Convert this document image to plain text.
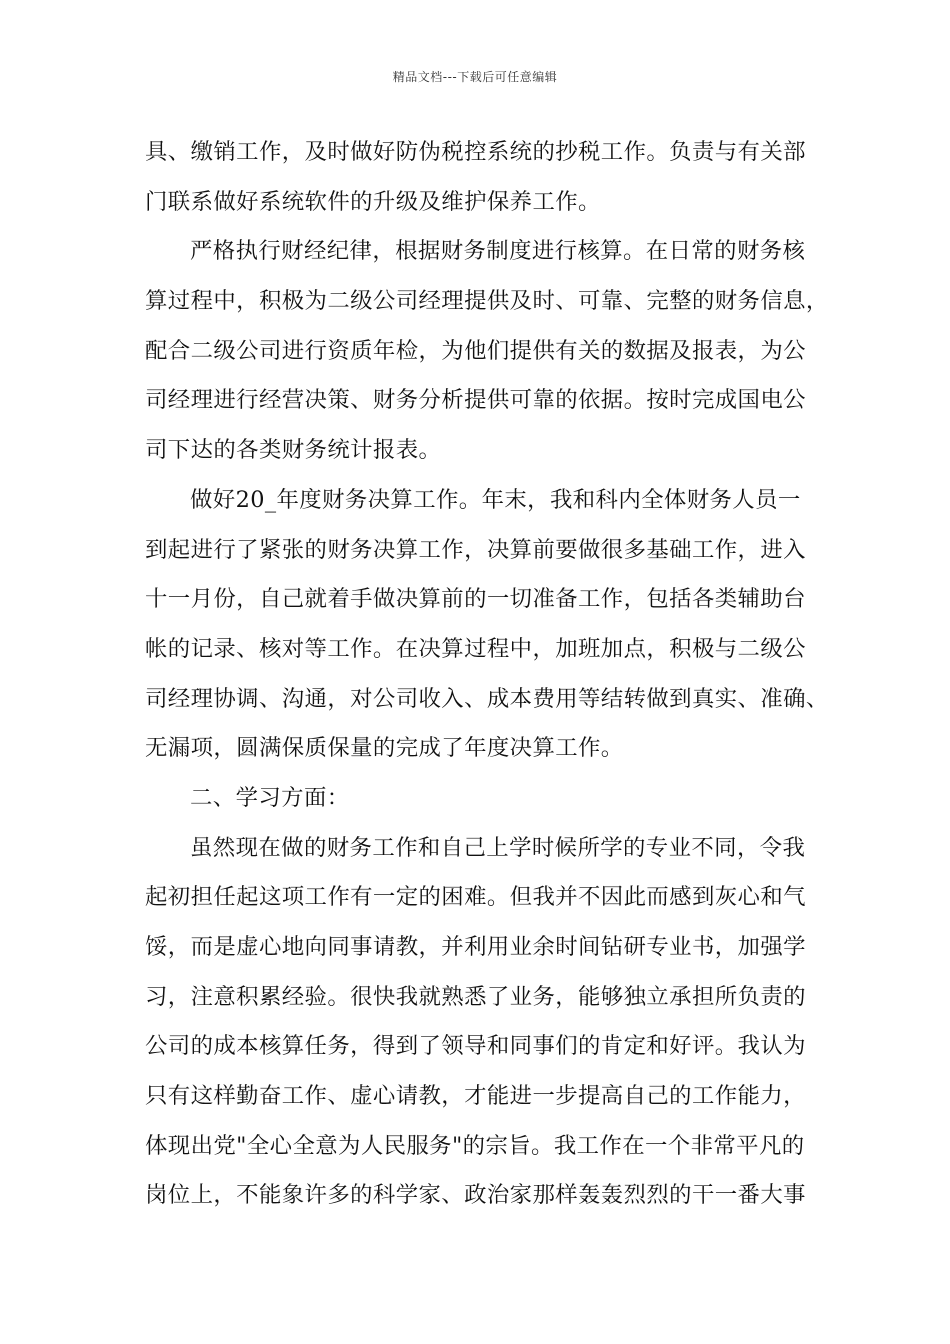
精品文档---下载后可任意编辑
具、缴销工作，及时做好防伪税控系统的抄税工作。负责与有关部
门联系做好系统软件的升级及维护保养工作。
严格执行财经纪律，根据财务制度进行核算。在日常的财务核
算过程中，积极为二级公司经理提供及时、可靠、完整的财务信息，
配合二级公司进行资质年检，为他们提供有关的数据及报表，为公
司经理进行经营决策、财务分析提供可靠的依据。按时完成国电公
司下达的各类财务统计报表。
做好20_年度财务决算工作。年末，我和科内全体财务人员一
到起进行了紧张的财务决算工作，决算前要做很多基础工作，进入
十一月份，自己就着手做决算前的一切准备工作，包括各类辅助台
帐的记录、核对等工作。在决算过程中，加班加点，积极与二级公
司经理协调、沟通，对公司收入、成本费用等结转做到真实、准确、
无漏项，圆满保质保量的完成了年度决算工作。
二、学习方面：
虽然现在做的财务工作和自己上学时候所学的专业不同，令我
起初担任起这项工作有一定的困难。但我并不因此而感到灰心和气
馁，而是虚心地向同事请教，并利用业余时间钻研专业书，加强学
习，注意积累经验。很快我就熟悉了业务，能够独立承担所负责的
公司的成本核算任务，得到了领导和同事们的肯定和好评。我认为
只有这样勤奋工作、虚心请教，才能进一步提高自己的工作能力，
体现出党"全心全意为人民服务"的宗旨。我工作在一个非常平凡的
岗位上，不能象许多的科学家、政治家那样轰轰烈烈的干一番大事
